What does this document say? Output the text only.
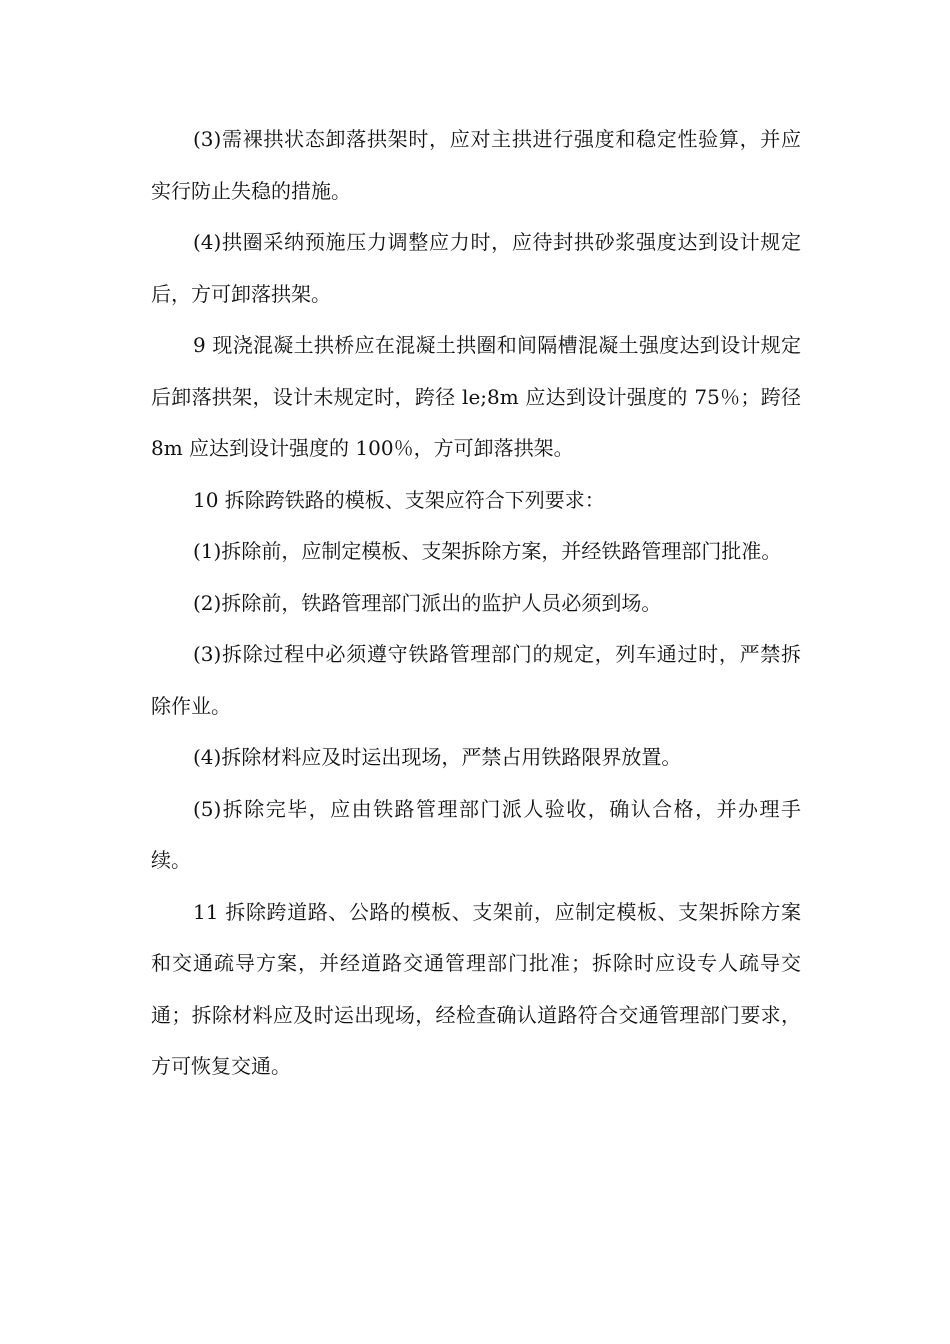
(3)需裸拱状态卸落拱架时，应对主拱进行强度和稳定性验算，并应实行防止失稳的措施。

(4)拱圈采纳预施压力调整应力时，应待封拱砂浆强度达到设计规定后，方可卸落拱架。

9 现浇混凝土拱桥应在混凝土拱圈和间隔槽混凝土强度达到设计规定后卸落拱架，设计未规定时，跨径 le;8m 应达到设计强度的 75％；跨径 8m 应达到设计强度的 100％，方可卸落拱架。

10 拆除跨铁路的模板、支架应符合下列要求：

(1)拆除前，应制定模板、支架拆除方案，并经铁路管理部门批准。

(2)拆除前，铁路管理部门派出的监护人员必须到场。

(3)拆除过程中必须遵守铁路管理部门的规定，列车通过时，严禁拆除作业。

(4)拆除材料应及时运出现场，严禁占用铁路限界放置。

(5)拆除完毕，应由铁路管理部门派人验收，确认合格，并办理手续。

11 拆除跨道路、公路的模板、支架前，应制定模板、支架拆除方案和交通疏导方案，并经道路交通管理部门批准；拆除时应设专人疏导交通；拆除材料应及时运出现场，经检查确认道路符合交通管理部门要求，方可恢复交通。
